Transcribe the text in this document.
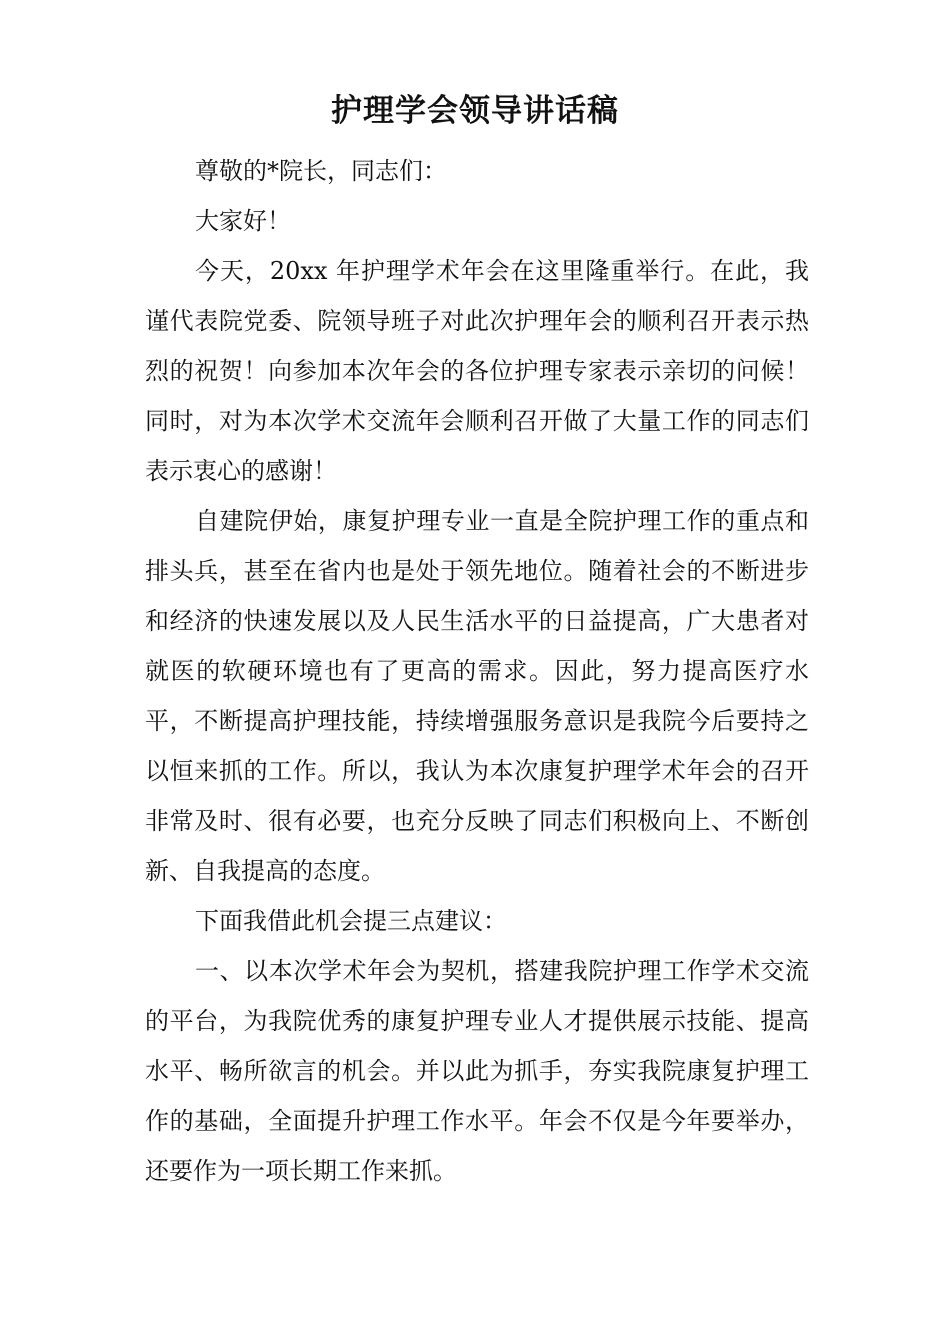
护理学会领导讲话稿

尊敬的*院长，同志们：

大家好！

今天，20xx 年护理学术年会在这里隆重举行。在此，我谨代表院党委、院领导班子对此次护理年会的顺利召开表示热烈的祝贺！向参加本次年会的各位护理专家表示亲切的问候！同时，对为本次学术交流年会顺利召开做了大量工作的同志们表示衷心的感谢！

自建院伊始，康复护理专业一直是全院护理工作的重点和排头兵，甚至在省内也是处于领先地位。随着社会的不断进步和经济的快速发展以及人民生活水平的日益提高，广大患者对就医的软硬环境也有了更高的需求。因此，努力提高医疗水平，不断提高护理技能，持续增强服务意识是我院今后要持之以恒来抓的工作。所以，我认为本次康复护理学术年会的召开非常及时、很有必要，也充分反映了同志们积极向上、不断创新、自我提高的态度。

下面我借此机会提三点建议：

一、以本次学术年会为契机，搭建我院护理工作学术交流的平台，为我院优秀的康复护理专业人才提供展示技能、提高水平、畅所欲言的机会。并以此为抓手，夯实我院康复护理工作的基础，全面提升护理工作水平。年会不仅是今年要举办，还要作为一项长期工作来抓。
